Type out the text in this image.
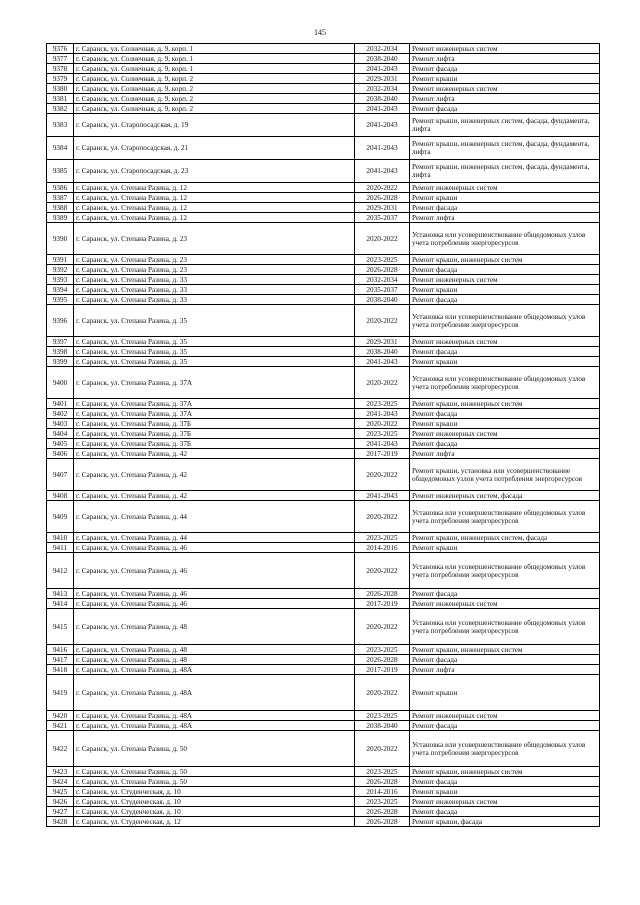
145
9376	г. Саранск, ул. Солнечная, д. 9, корп. 1	2032-2034	Ремонт инженерных систем
9377	г. Саранск, ул. Солнечная, д. 9, корп. 1	2038-2040	Ремонт лифта
9378	г. Саранск, ул. Солнечная, д. 9, корп. 1	2041-2043	Ремонт фасада
9379	г. Саранск, ул. Солнечная, д. 9, корп. 2	2029-2031	Ремонт крыши
9380	г. Саранск, ул. Солнечная, д. 9, корп. 2	2032-2034	Ремонт инженерных систем
9381	г. Саранск, ул. Солнечная, д. 9, корп. 2	2038-2040	Ремонт лифта
9382	г. Саранск, ул. Солнечная, д. 9, корп. 2	2041-2043	Ремонт фасада
9383	г. Саранск, ул. Старопосадская, д. 19	2041-2043	Ремонт крыши, инженерных систем, фасада, фундамента, лифта
9384	г. Саранск, ул. Старопосадская, д. 21	2041-2043	Ремонт крыши, инженерных систем, фасада, фундамента, лифта
9385	г. Саранск, ул. Старопосадская, д. 23	2041-2043	Ремонт крыши, инженерных систем, фасада, фундамента, лифта
9386	г. Саранск, ул. Степана Разина, д. 12	2020-2022	Ремонт инженерных систем
9387	г. Саранск, ул. Степана Разина, д. 12	2026-2028	Ремонт крыши
9388	г. Саранск, ул. Степана Разина, д. 12	2029-2031	Ремонт фасада
9389	г. Саранск, ул. Степана Разина, д. 12	2035-2037	Ремонт лифта
9390	г. Саранск, ул. Степана Разина, д. 23	2020-2022	Установка или усовершенствование общедомовых узлов учета потребления энергоресурсов
9391	г. Саранск, ул. Степана Разина, д. 23	2023-2025	Ремонт крыши, инженерных систем
9392	г. Саранск, ул. Степана Разина, д. 23	2026-2028	Ремонт фасада
9393	г. Саранск, ул. Степана Разина, д. 33	2032-2034	Ремонт инженерных систем
9394	г. Саранск, ул. Степана Разина, д. 33	2035-2037	Ремонт крыши
9395	г. Саранск, ул. Степана Разина, д. 33	2038-2040	Ремонт фасада
9396	г. Саранск, ул. Степана Разина, д. 35	2020-2022	Установка или усовершенствование общедомовых узлов учета потребления энергоресурсов
9397	г. Саранск, ул. Степана Разина, д. 35	2029-2031	Ремонт инженерных систем
9398	г. Саранск, ул. Степана Разина, д. 35	2038-2040	Ремонт фасада
9399	г. Саранск, ул. Степана Разина, д. 35	2041-2043	Ремонт крыши
9400	г. Саранск, ул. Степана Разина, д. 37А	2020-2022	Установка или усовершенствование общедомовых узлов учета потребления энергоресурсов
9401	г. Саранск, ул. Степана Разина, д. 37А	2023-2025	Ремонт крыши, инженерных систем
9402	г. Саранск, ул. Степана Разина, д. 37А	2041-2043	Ремонт фасада
9403	г. Саранск, ул. Степана Разина, д. 37Б	2020-2022	Ремонт крыши
9404	г. Саранск, ул. Степана Разина, д. 37Б	2023-2025	Ремонт инженерных систем
9405	г. Саранск, ул. Степана Разина, д. 37Б	2041-2043	Ремонт фасада
9406	г. Саранск, ул. Степана Разина, д. 42	2017-2019	Ремонт лифта
9407	г. Саранск, ул. Степана Разина, д. 42	2020-2022	Ремонт крыши, установка или усовершенствование общедомовых узлов учета потребления энергоресурсов
9408	г. Саранск, ул. Степана Разина, д. 42	2041-2043	Ремонт инженерных систем, фасада
9409	г. Саранск, ул. Степана Разина, д. 44	2020-2022	Установка или усовершенствование общедомовых узлов учета потребления энергоресурсов
9410	г. Саранск, ул. Степана Разина, д. 44	2023-2025	Ремонт крыши, инженерных систем, фасада
9411	г. Саранск, ул. Степана Разина, д. 46	2014-2016	Ремонт крыши
9412	г. Саранск, ул. Степана Разина, д. 46	2020-2022	Установка или усовершенствование общедомовых узлов учета потребления энергоресурсов
9413	г. Саранск, ул. Степана Разина, д. 46	2026-2028	Ремонт фасада
9414	г. Саранск, ул. Степана Разина, д. 46	2017-2019	Ремонт инженерных систем
9415	г. Саранск, ул. Степана Разина, д. 48	2020-2022	Установка или усовершенствование общедомовых узлов учета потребления энергоресурсов
9416	г. Саранск, ул. Степана Разина, д. 48	2023-2025	Ремонт крыши, инженерных систем
9417	г. Саранск, ул. Степана Разина, д. 48	2026-2028	Ремонт фасада
9418	г. Саранск, ул. Степана Разина, д. 48А	2017-2019	Ремонт лифта
9419	г. Саранск, ул. Степана Разина, д. 48А	2020-2022	Ремонт крыши
9420	г. Саранск, ул. Степана Разина, д. 48А	2023-2025	Ремонт инженерных систем
9421	г. Саранск, ул. Степана Разина, д. 48А	2038-2040	Ремонт фасада
9422	г. Саранск, ул. Степана Разина, д. 50	2020-2022	Установка или усовершенствование общедомовых узлов учета потребления энергоресурсов
9423	г. Саранск, ул. Степана Разина, д. 50	2023-2025	Ремонт крыши, инженерных систем
9424	г. Саранск, ул. Степана Разина, д. 50	2026-2028	Ремонт фасада
9425	г. Саранск, ул. Студенческая, д. 10	2014-2016	Ремонт крыши
9426	г. Саранск, ул. Студенческая, д. 10	2023-2025	Ремонт инженерных систем
9427	г. Саранск, ул. Студенческая, д. 10	2026-2028	Ремонт фасада
9428	г. Саранск, ул. Студенческая, д. 12	2026-2028	Ремонт крыши, фасада
